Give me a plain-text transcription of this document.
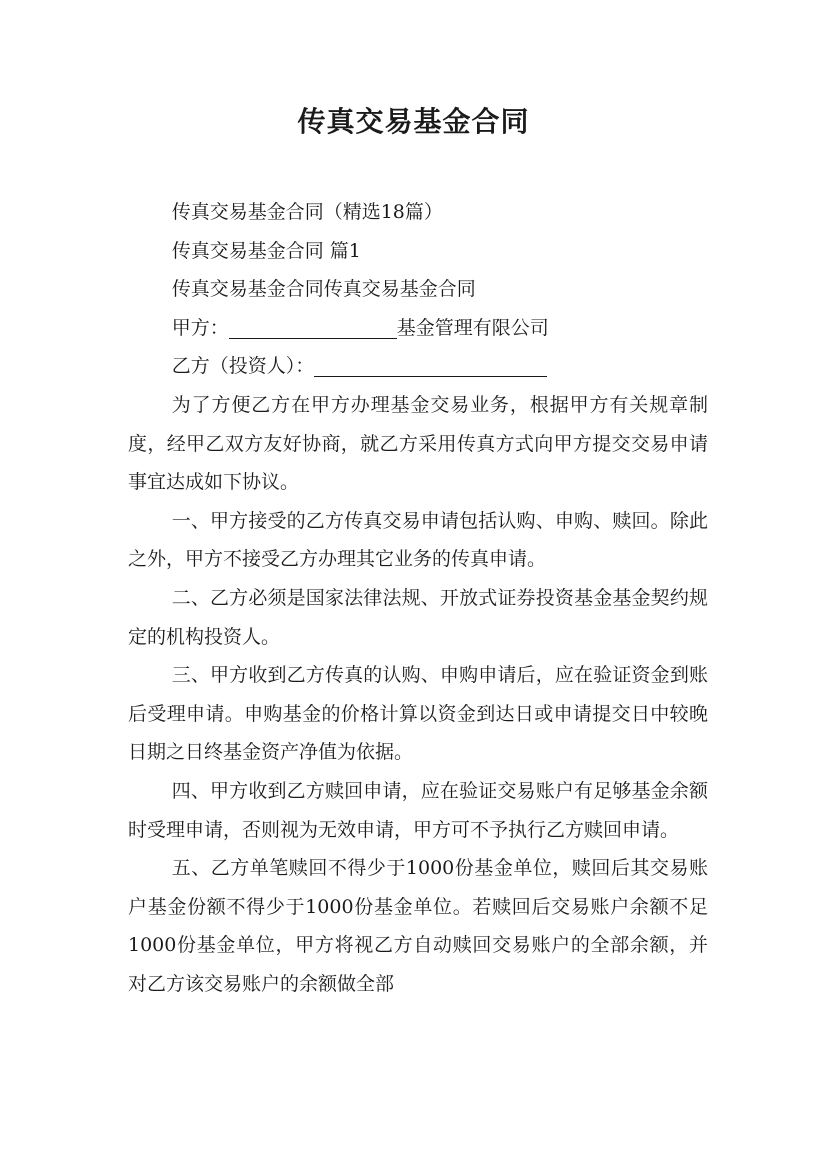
传真交易基金合同

传真交易基金合同（精选18篇）

传真交易基金合同 篇1

传真交易基金合同传真交易基金合同

甲方：	基金管理有限公司

乙方（投资人）：

为了方便乙方在甲方办理基金交易业务，根据甲方有关规章制度，经甲乙双方友好协商，就乙方采用传真方式向甲方提交交易申请事宜达成如下协议。

一、甲方接受的乙方传真交易申请包括认购、申购、赎回。除此之外，甲方不接受乙方办理其它业务的传真申请。

二、乙方必须是国家法律法规、开放式证券投资基金基金契约规定的机构投资人。

三、甲方收到乙方传真的认购、申购申请后，应在验证资金到账后受理申请。申购基金的价格计算以资金到达日或申请提交日中较晚日期之日终基金资产净值为依据。

四、甲方收到乙方赎回申请，应在验证交易账户有足够基金余额时受理申请，否则视为无效申请，甲方可不予执行乙方赎回申请。

五、乙方单笔赎回不得少于1000份基金单位，赎回后其交易账户基金份额不得少于1000份基金单位。若赎回后交易账户余额不足1000份基金单位，甲方将视乙方自动赎回交易账户的全部余额，并对乙方该交易账户的余额做全部
